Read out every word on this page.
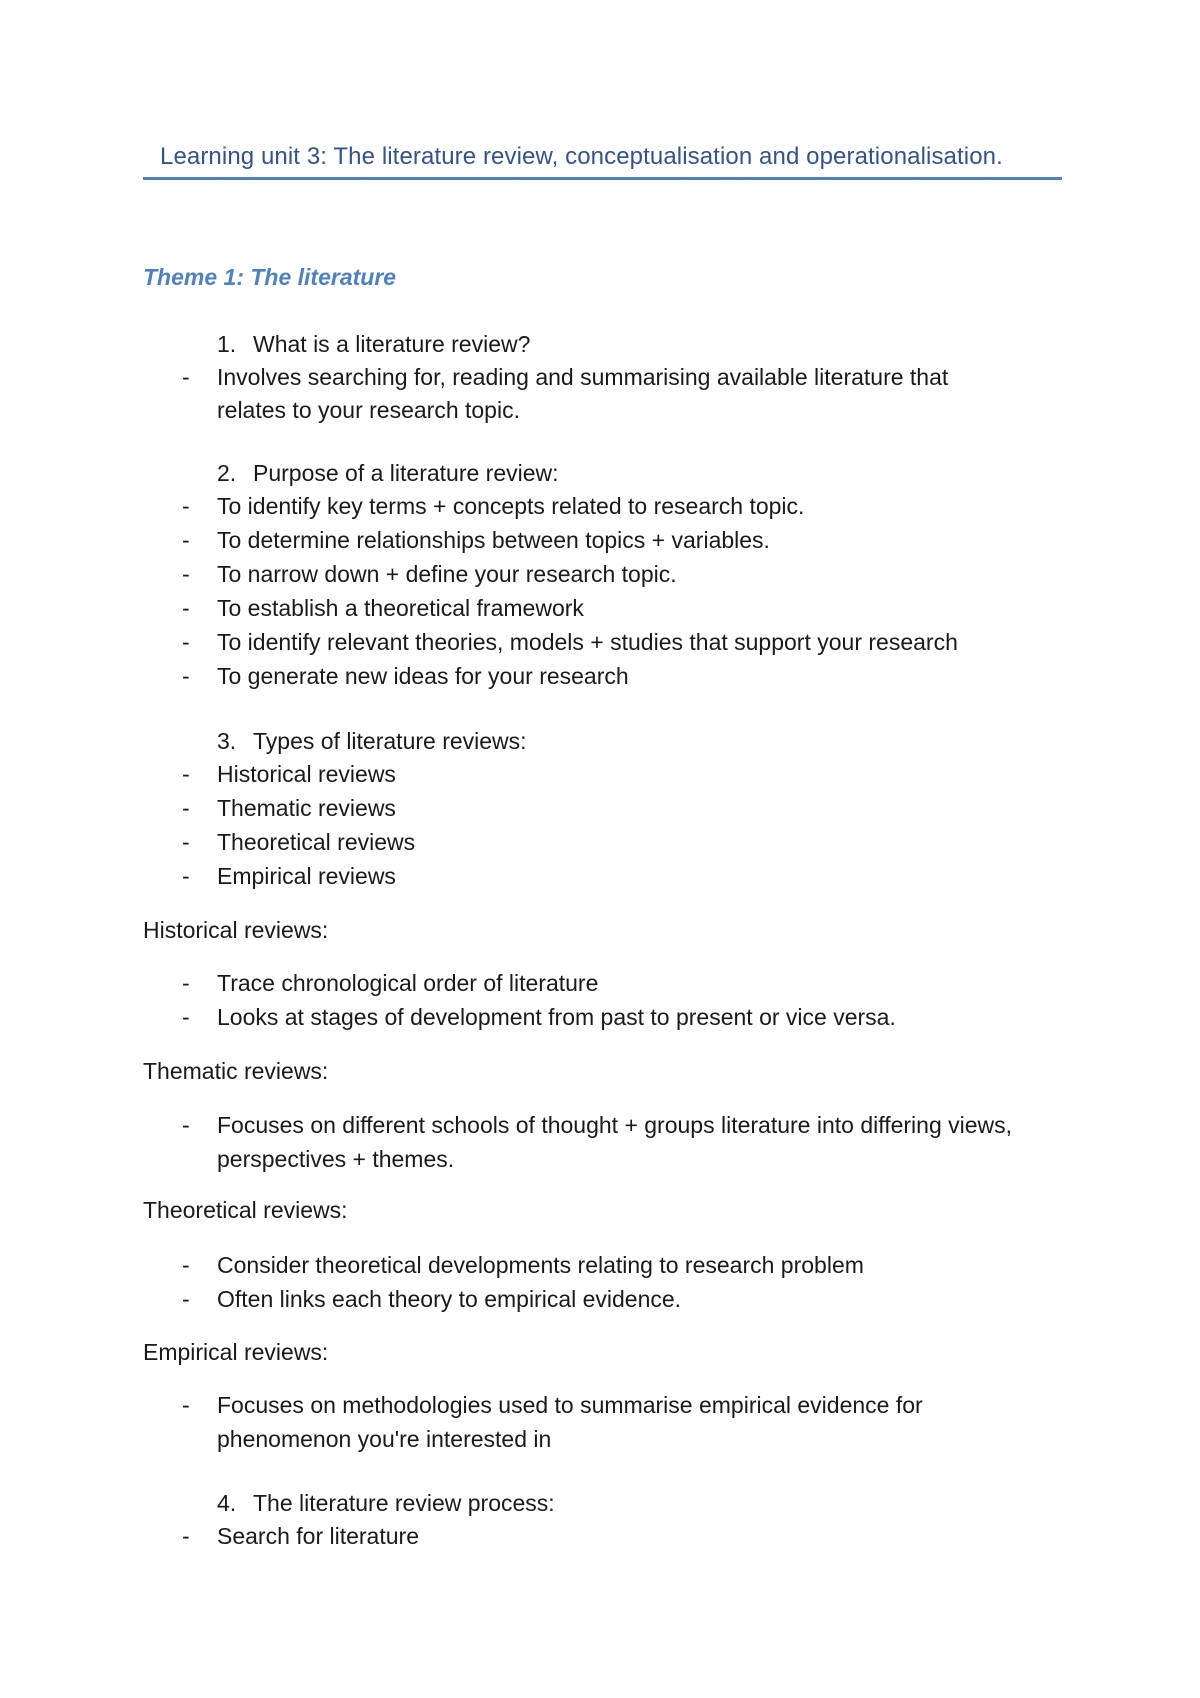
Learning unit 3: The literature review, conceptualisation and operationalisation.
Theme 1: The literature
1. What is a literature review?
- Involves searching for, reading and summarising available literature that
relates to your research topic.
2. Purpose of a literature review:
- To identify key terms + concepts related to research topic.
- To determine relationships between topics + variables.
- To narrow down + define your research topic.
- To establish a theoretical framework
- To identify relevant theories, models + studies that support your research
- To generate new ideas for your research
3. Types of literature reviews:
- Historical reviews
- Thematic reviews
- Theoretical reviews
- Empirical reviews
Historical reviews:
- Trace chronological order of literature
- Looks at stages of development from past to present or vice versa.
Thematic reviews:
- Focuses on different schools of thought + groups literature into differing views,
perspectives + themes.
Theoretical reviews:
- Consider theoretical developments relating to research problem
- Often links each theory to empirical evidence.
Empirical reviews:
- Focuses on methodologies used to summarise empirical evidence for
phenomenon you're interested in
4. The literature review process:
- Search for literature
